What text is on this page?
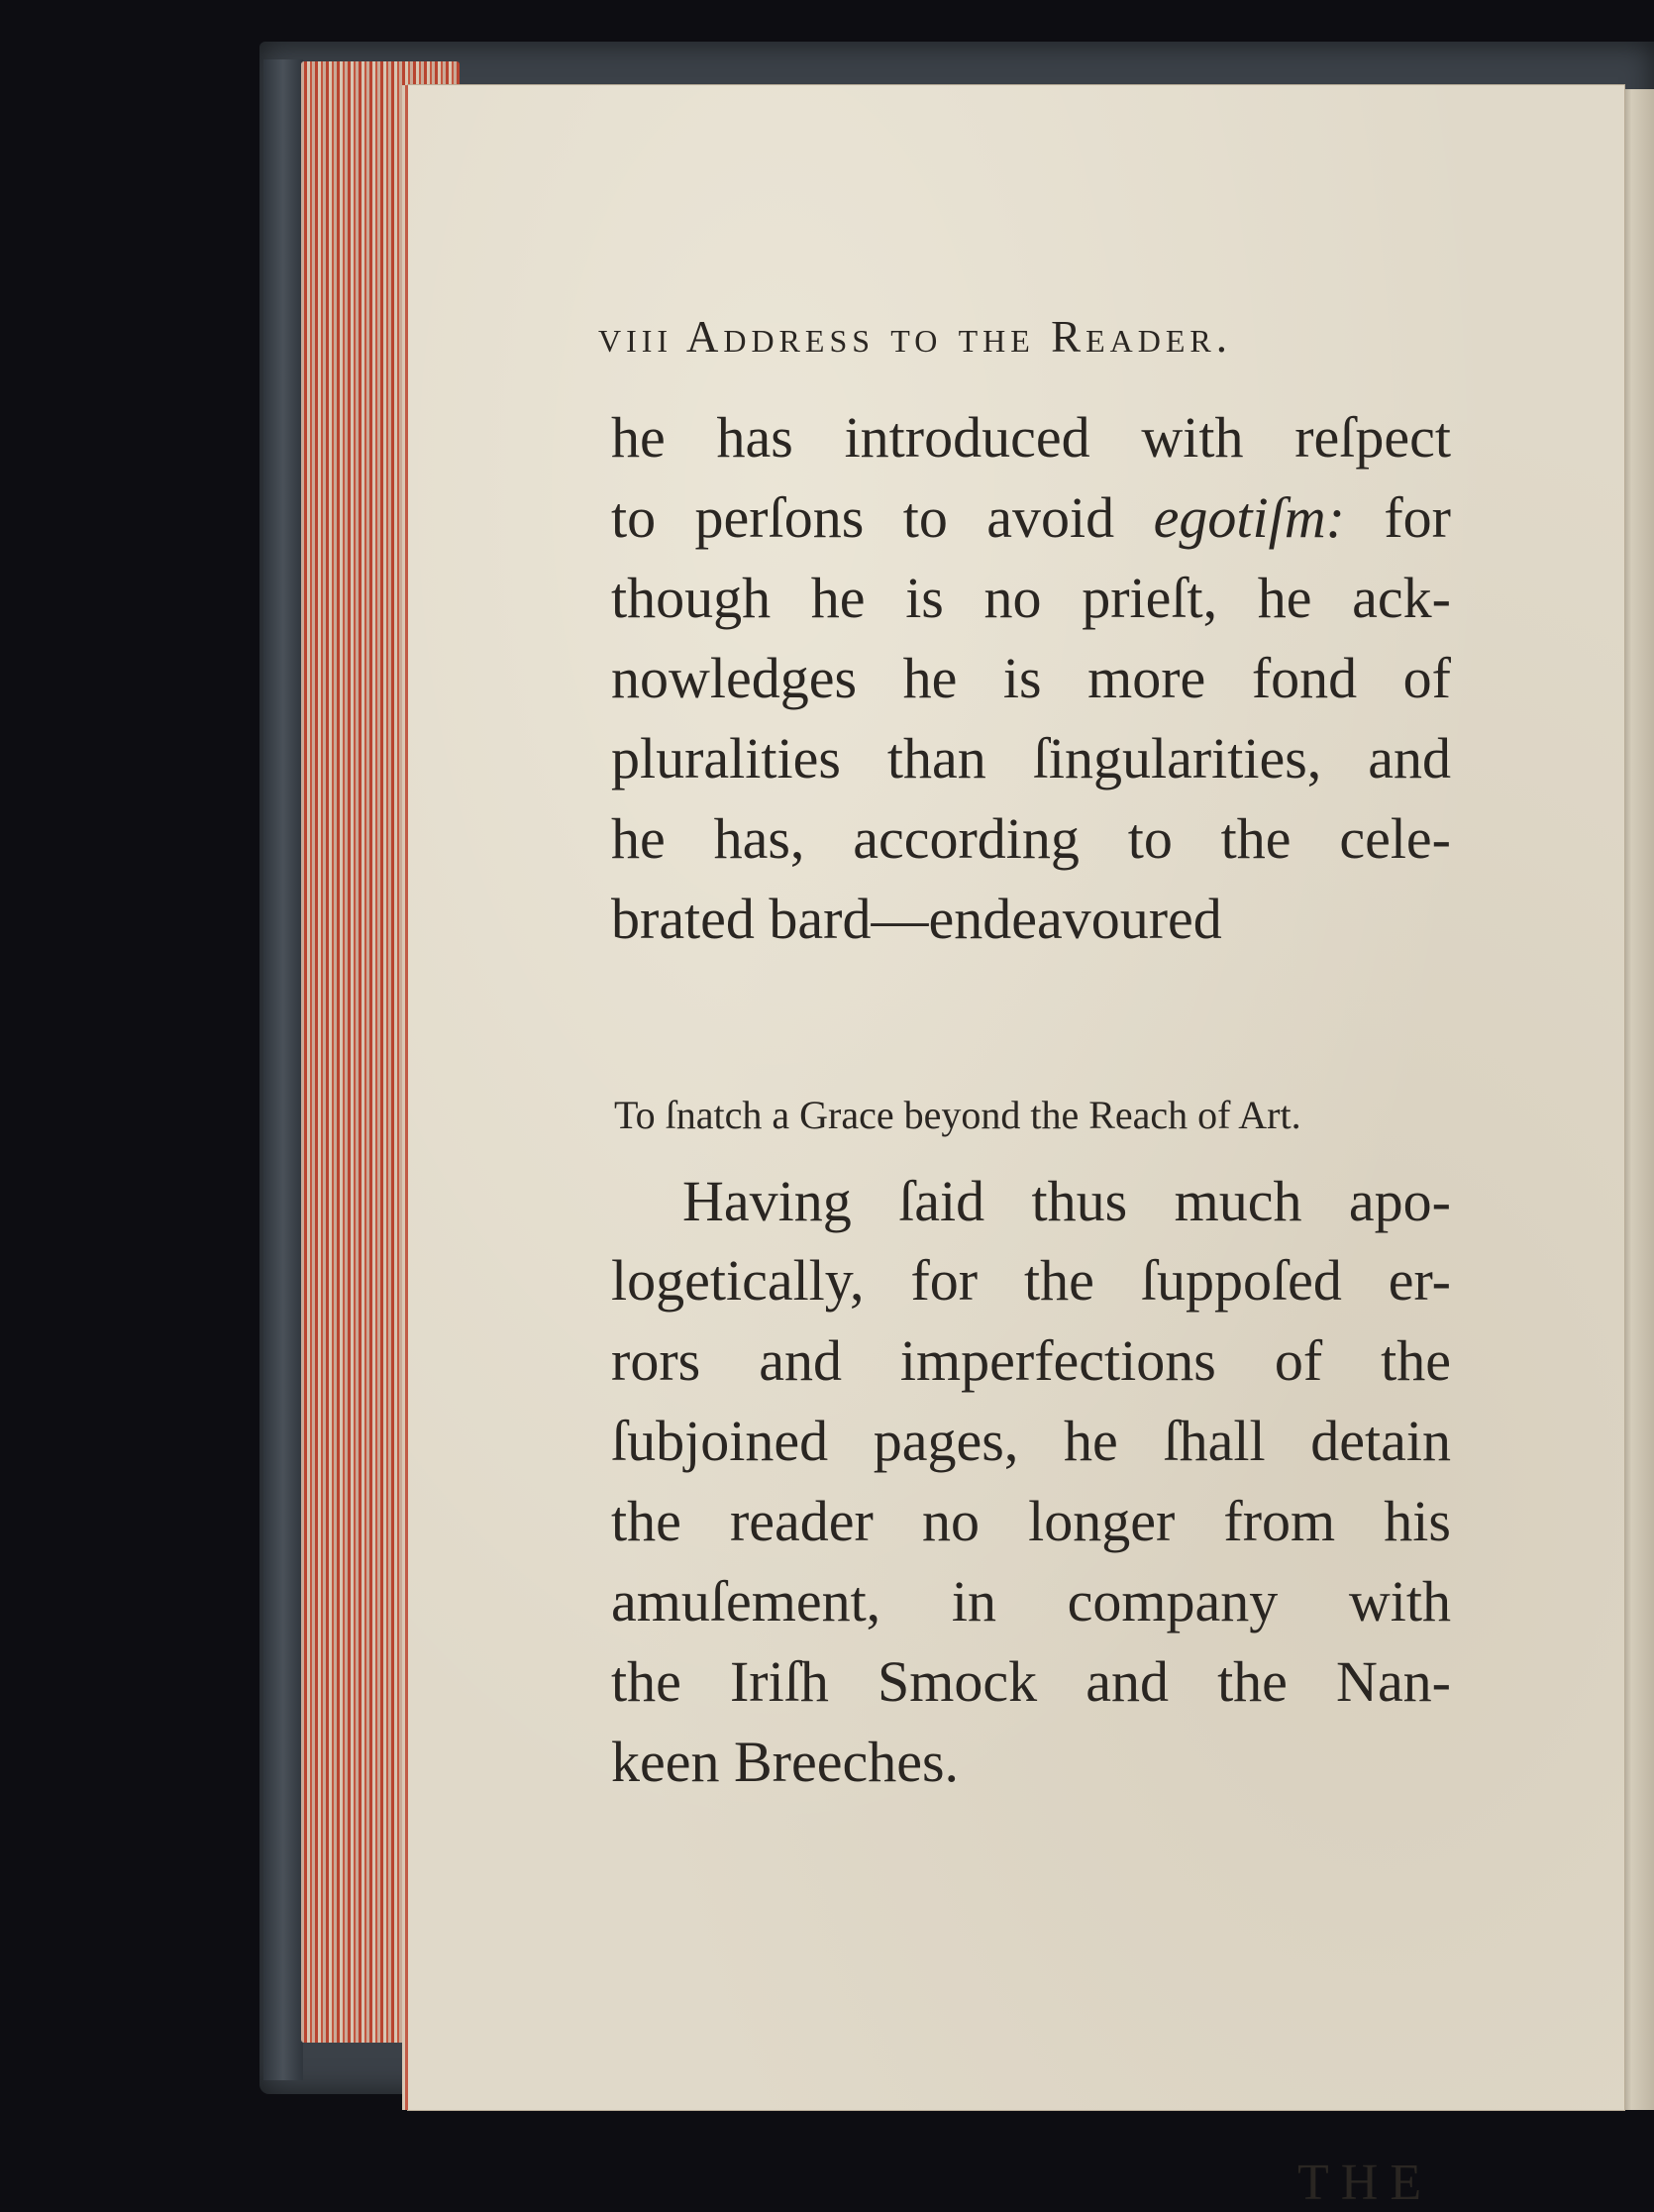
viii Address to the Reader.
he has introduced with reſpect
to perſons to avoid egotiſm: for
though he is no prieſt, he ack-
nowledges he is more fond of
pluralities than ſingularities, and
he has, according to the cele-
brated bard—endeavoured
To ſnatch a Grace beyond the Reach of Art.
Having ſaid thus much apo-
logetically, for the ſuppoſed er-
rors and imperfections of the
ſubjoined pages, he ſhall detain
the reader no longer from his
amuſement, in company with
the Iriſh Smock and the Nan-
keen Breeches.
THE
